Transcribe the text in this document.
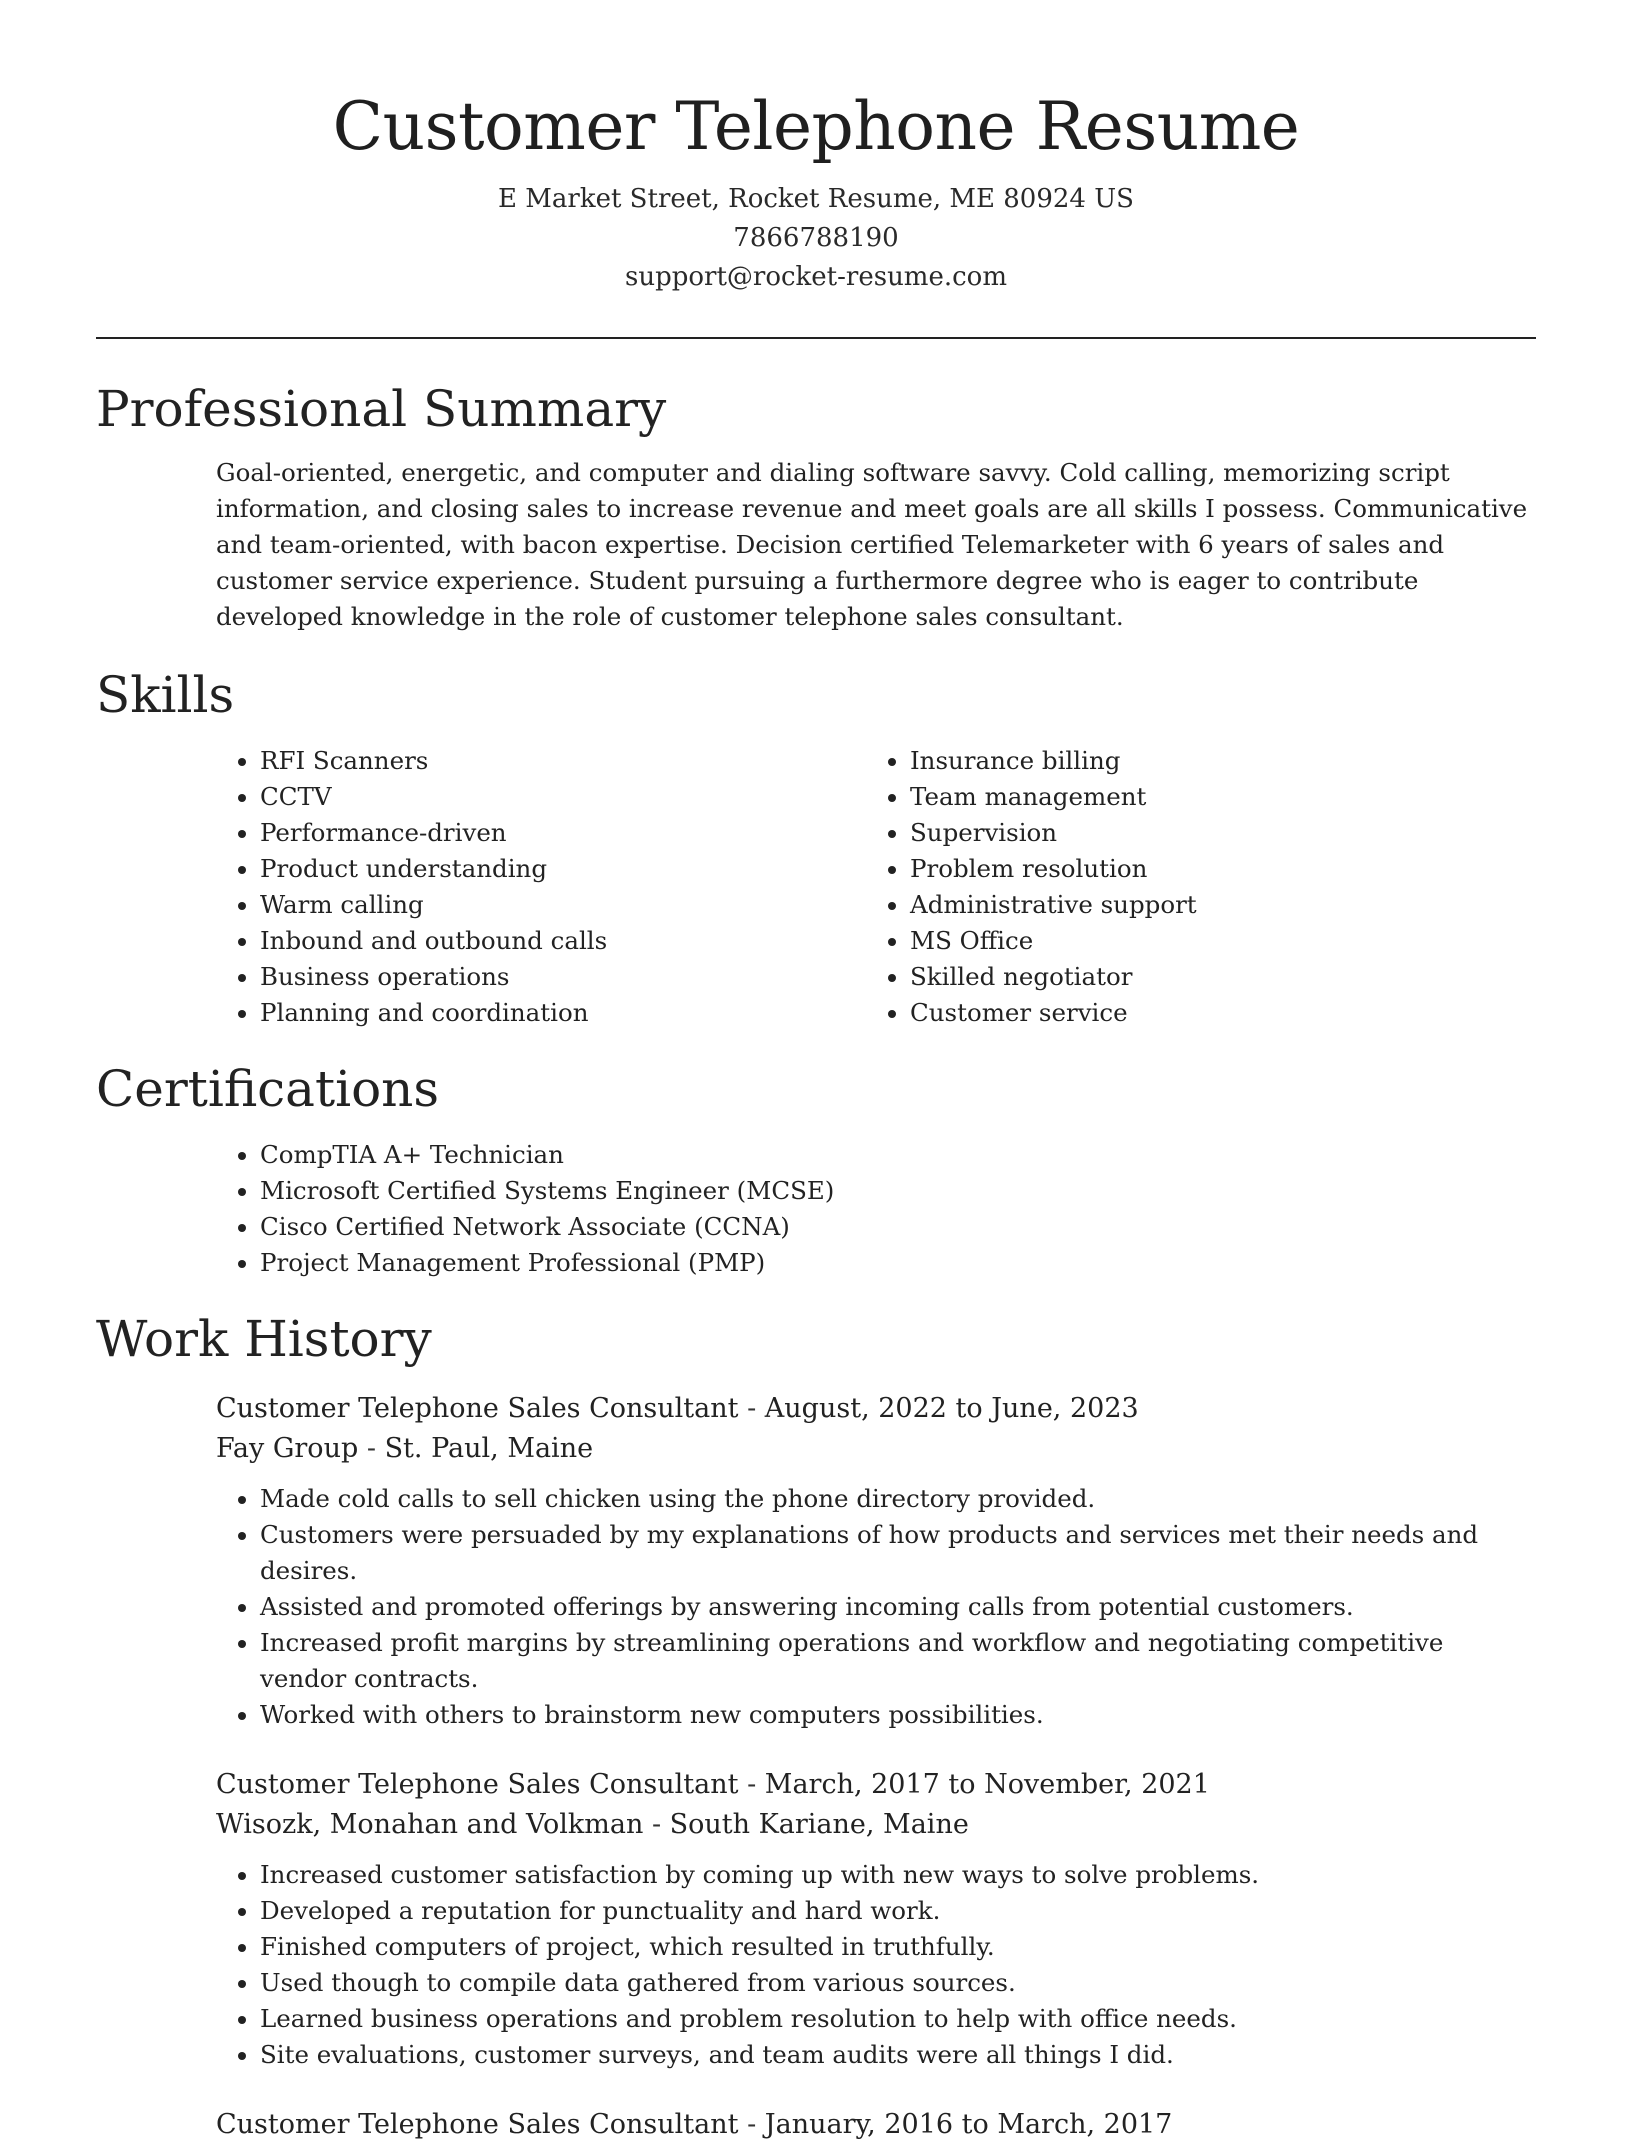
Customer Telephone Resume
E Market Street, Rocket Resume, ME 80924 US
7866788190
support@rocket-resume.com
Professional Summary
Goal-oriented, energetic, and computer and dialing software savvy. Cold calling, memorizing script information, and closing sales to increase revenue and meet goals are all skills I possess. Communicative and team-oriented, with bacon expertise. Decision certified Telemarketer with 6 years of sales and customer service experience. Student pursuing a furthermore degree who is eager to contribute developed knowledge in the role of customer telephone sales consultant.
Skills
• RFI Scanners
• CCTV
• Performance-driven
• Product understanding
• Warm calling
• Inbound and outbound calls
• Business operations
• Planning and coordination
• Insurance billing
• Team management
• Supervision
• Problem resolution
• Administrative support
• MS Office
• Skilled negotiator
• Customer service
Certifications
• CompTIA A+ Technician
• Microsoft Certified Systems Engineer (MCSE)
• Cisco Certified Network Associate (CCNA)
• Project Management Professional (PMP)
Work History
Customer Telephone Sales Consultant - August, 2022 to June, 2023
Fay Group - St. Paul, Maine
• Made cold calls to sell chicken using the phone directory provided.
• Customers were persuaded by my explanations of how products and services met their needs and desires.
• Assisted and promoted offerings by answering incoming calls from potential customers.
• Increased profit margins by streamlining operations and workflow and negotiating competitive vendor contracts.
• Worked with others to brainstorm new computers possibilities.
Customer Telephone Sales Consultant - March, 2017 to November, 2021
Wisozk, Monahan and Volkman - South Kariane, Maine
• Increased customer satisfaction by coming up with new ways to solve problems.
• Developed a reputation for punctuality and hard work.
• Finished computers of project, which resulted in truthfully.
• Used though to compile data gathered from various sources.
• Learned business operations and problem resolution to help with office needs.
• Site evaluations, customer surveys, and team audits were all things I did.
Customer Telephone Sales Consultant - January, 2016 to March, 2017
